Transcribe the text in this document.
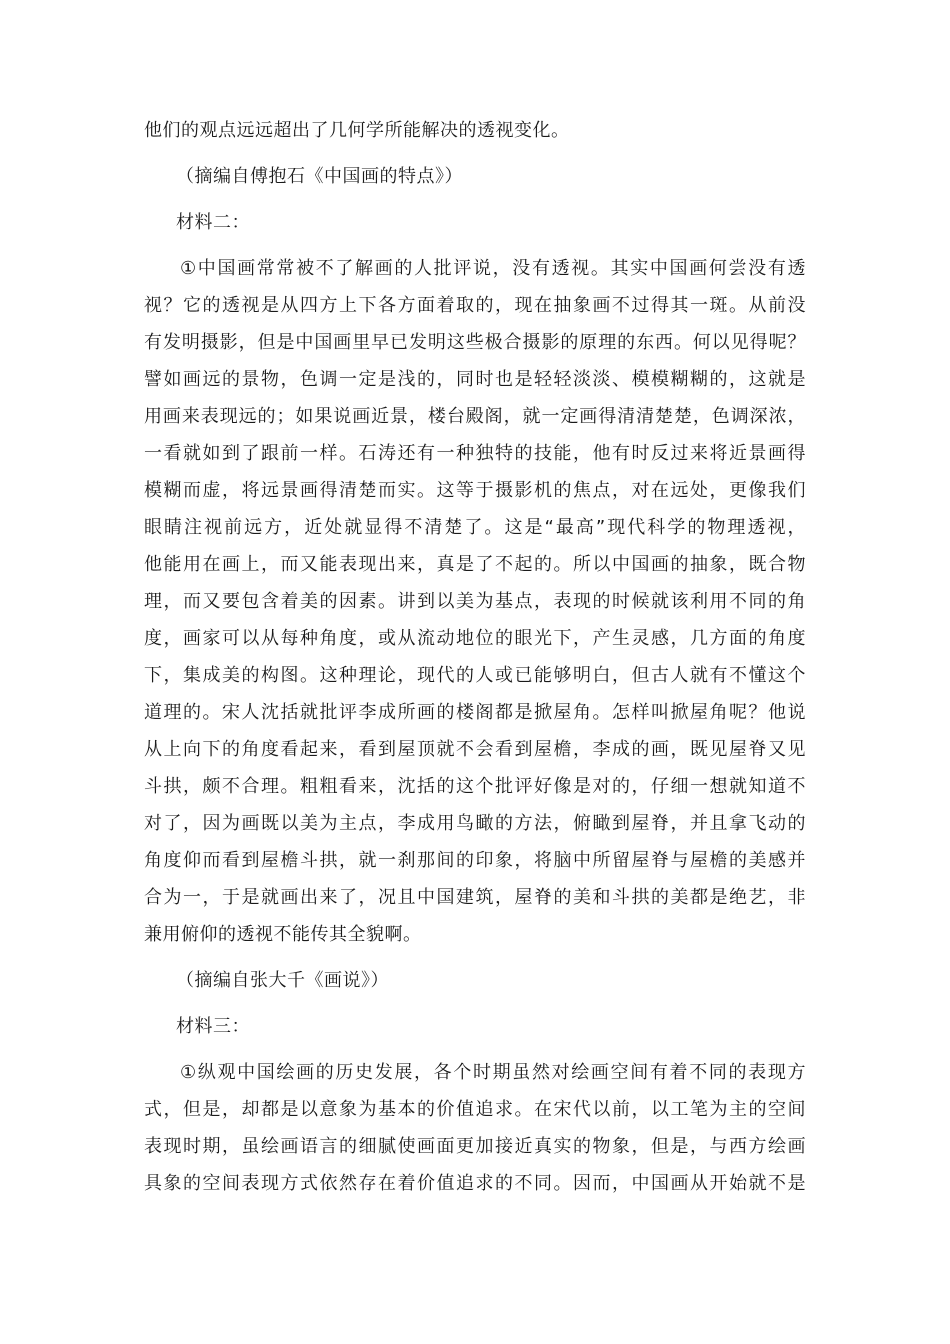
他们的观点远远超出了几何学所能解决的透视变化。
（摘编自傅抱石《中国画的特点》）
材料二：
①中国画常常被不了解画的人批评说，没有透视。其实中国画何尝没有透
视？它的透视是从四方上下各方面着取的，现在抽象画不过得其一斑。从前没
有发明摄影，但是中国画里早已发明这些极合摄影的原理的东西。何以见得呢？
譬如画远的景物，色调一定是浅的，同时也是轻轻淡淡、模模糊糊的，这就是
用画来表现远的；如果说画近景，楼台殿阁，就一定画得清清楚楚，色调深浓，
一看就如到了跟前一样。石涛还有一种独特的技能，他有时反过来将近景画得
模糊而虚，将远景画得清楚而实。这等于摄影机的焦点，对在远处，更像我们
眼睛注视前远方，近处就显得不清楚了。这是“最高”现代科学的物理透视，
他能用在画上，而又能表现出来，真是了不起的。所以中国画的抽象，既合物
理，而又要包含着美的因素。讲到以美为基点，表现的时候就该利用不同的角
度，画家可以从每种角度，或从流动地位的眼光下，产生灵感，几方面的角度
下，集成美的构图。这种理论，现代的人或已能够明白，但古人就有不懂这个
道理的。宋人沈括就批评李成所画的楼阁都是掀屋角。怎样叫掀屋角呢？他说
从上向下的角度看起来，看到屋顶就不会看到屋檐，李成的画，既见屋脊又见
斗拱，颇不合理。粗粗看来，沈括的这个批评好像是对的，仔细一想就知道不
对了，因为画既以美为主点，李成用鸟瞰的方法，俯瞰到屋脊，并且拿飞动的
角度仰而看到屋檐斗拱，就一刹那间的印象，将脑中所留屋脊与屋檐的美感并
合为一，于是就画出来了，况且中国建筑，屋脊的美和斗拱的美都是绝艺，非
兼用俯仰的透视不能传其全貌啊。
（摘编自张大千《画说》）
材料三：
①纵观中国绘画的历史发展，各个时期虽然对绘画空间有着不同的表现方
式，但是，却都是以意象为基本的价值追求。在宋代以前，以工笔为主的空间
表现时期，虽绘画语言的细腻使画面更加接近真实的物象，但是，与西方绘画
具象的空间表现方式依然存在着价值追求的不同。因而，中国画从开始就不是
